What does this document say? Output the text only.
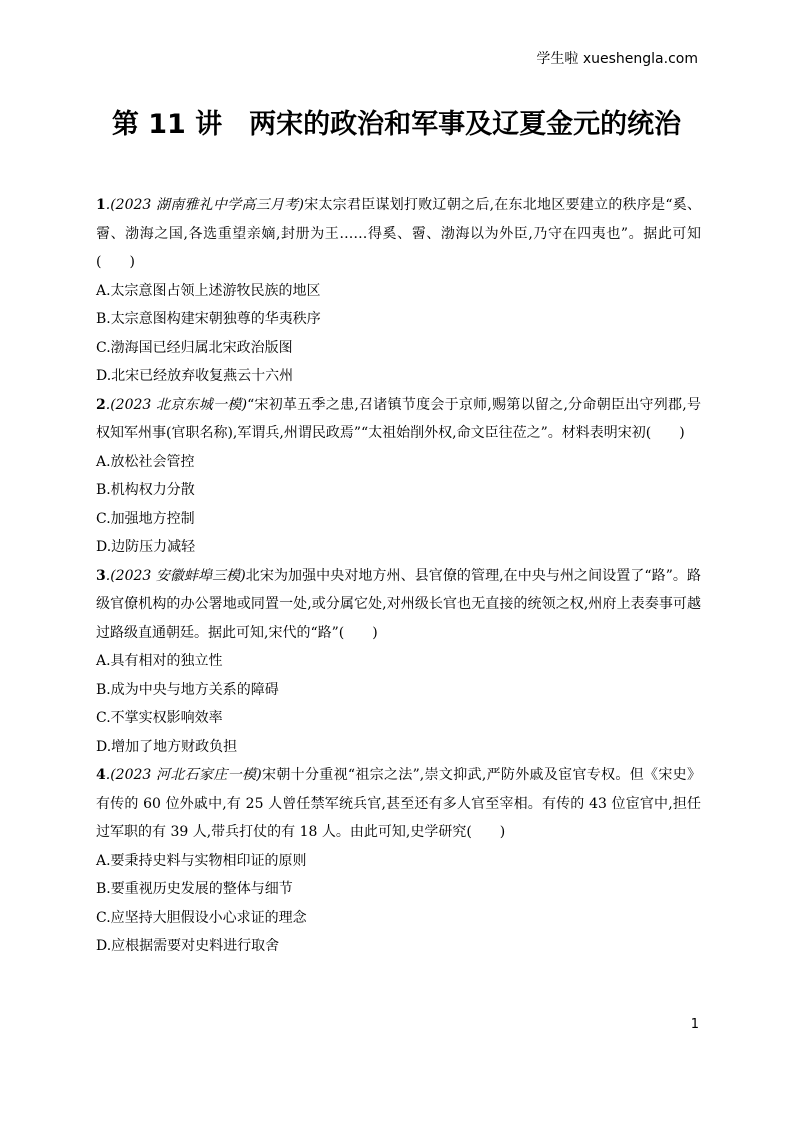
学生啦 xueshengla.com
第 11 讲　两宋的政治和军事及辽夏金元的统治

1.(2023 湖南雅礼中学高三月考)宋太宗君臣谋划打败辽朝之后,在东北地区要建立的秩序是“奚、霫、渤海之国,各选重望亲嫡,封册为王……得奚、霫、渤海以为外臣,乃守在四夷也”。据此可知(　　)

A.太宗意图占领上述游牧民族的地区

B.太宗意图构建宋朝独尊的华夷秩序

C.渤海国已经归属北宋政治版图

D.北宋已经放弃收复燕云十六州

2.(2023 北京东城一模)“宋初革五季之患,召诸镇节度会于京师,赐第以留之,分命朝臣出守列郡,号权知军州事(官职名称),军谓兵,州谓民政焉”“太祖始削外权,命文臣往莅之”。材料表明宋初(　　)

A.放松社会管控

B.机构权力分散

C.加强地方控制

D.边防压力减轻

3.(2023 安徽蚌埠三模)北宋为加强中央对地方州、县官僚的管理,在中央与州之间设置了“路”。路级官僚机构的办公署地或同置一处,或分属它处,对州级长官也无直接的统领之权,州府上表奏事可越过路级直通朝廷。据此可知,宋代的“路”(　　)

A.具有相对的独立性

B.成为中央与地方关系的障碍

C.不掌实权影响效率

D.增加了地方财政负担

4.(2023 河北石家庄一模)宋朝十分重视“祖宗之法”,崇文抑武,严防外戚及宦官专权。但《宋史》有传的 60 位外戚中,有 25 人曾任禁军统兵官,甚至还有多人官至宰相。有传的 43 位宦官中,担任过军职的有 39 人,带兵打仗的有 18 人。由此可知,史学研究(　　)

A.要秉持史料与实物相印证的原则

B.要重视历史发展的整体与细节

C.应坚持大胆假设小心求证的理念

D.应根据需要对史料进行取舍

1
